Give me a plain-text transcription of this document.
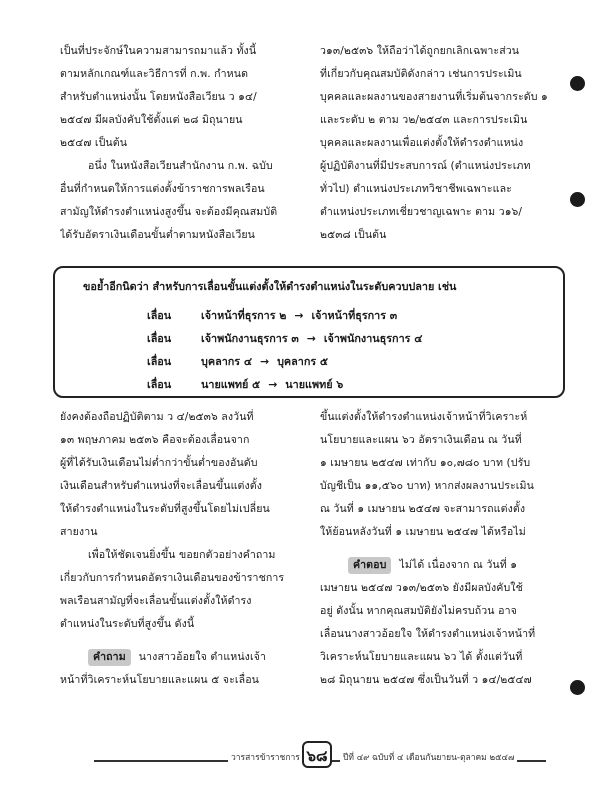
เป็นที่ประจักษ์ในความสามารถมาแล้ว ทั้งนี้
ตามหลักเกณฑ์และวิธีการที่ ก.พ. กำหนด
สำหรับตำแหน่งนั้น โดยหนังสือเวียน ว ๑๔/
๒๕๔๗ มีผลบังคับใช้ตั้งแต่ ๒๘ มิถุนายน
๒๕๔๗ เป็นต้น
อนึ่ง ในหนังสือเวียนสำนักงาน ก.พ. ฉบับ
อื่นที่กำหนดให้การแต่งตั้งข้าราชการพลเรือน
สามัญให้ดำรงตำแหน่งสูงขึ้น จะต้องมีคุณสมบัติ
ได้รับอัตราเงินเดือนขั้นต่ำตามหนังสือเวียน
ว๑๓/๒๕๓๖ ให้ถือว่าได้ถูกยกเลิกเฉพาะส่วน
ที่เกี่ยวกับคุณสมบัติดังกล่าว เช่นการประเมิน
บุคคลและผลงานของสายงานที่เริ่มต้นจากระดับ ๑
และระดับ ๒ ตาม ว๒/๒๕๔๓ และการประเมิน
บุคคลและผลงานเพื่อแต่งตั้งให้ดำรงตำแหน่ง
ผู้ปฏิบัติงานที่มีประสบการณ์ (ตำแหน่งประเภท
ทั่วไป) ตำแหน่งประเภทวิชาชีพเฉพาะและ
ตำแหน่งประเภทเชี่ยวชาญเฉพาะ ตาม ว๑๖/
๒๕๓๘ เป็นต้น
ขอย้ำอีกนิดว่า สำหรับการเลื่อนขั้นแต่งตั้งให้ดำรงตำแหน่งในระดับควบปลาย เช่น
เลื่อน	เจ้าหน้าที่ธุรการ ๒ → เจ้าหน้าที่ธุรการ ๓
เลื่อน	เจ้าพนักงานธุรการ ๓ → เจ้าพนักงานธุรการ ๔
เลื่อน	บุคลากร ๔ → บุคลากร ๕
เลื่อน	นายแพทย์ ๕ → นายแพทย์ ๖
ยังคงต้องถือปฏิบัติตาม ว ๔/๒๕๓๖ ลงวันที่
๑๓ พฤษภาคม ๒๕๓๖ คือจะต้องเลื่อนจาก
ผู้ที่ได้รับเงินเดือนไม่ต่ำกว่าขั้นต่ำของอันดับ
เงินเดือนสำหรับตำแหน่งที่จะเลื่อนขึ้นแต่งตั้ง
ให้ดำรงตำแหน่งในระดับที่สูงขึ้นโดยไม่เปลี่ยน
สายงาน
เพื่อให้ชัดเจนยิ่งขึ้น ขอยกตัวอย่างคำถาม
เกี่ยวกับการกำหนดอัตราเงินเดือนของข้าราชการ
พลเรือนสามัญที่จะเลื่อนขั้นแต่งตั้งให้ดำรง
ตำแหน่งในระดับที่สูงขึ้น ดังนี้
คำถาม นางสาวอ้อยใจ ตำแหน่งเจ้า
หน้าที่วิเคราะห์นโยบายและแผน ๕ จะเลื่อน
ขึ้นแต่งตั้งให้ดำรงตำแหน่งเจ้าหน้าที่วิเคราะห์
นโยบายและแผน ๖ว อัตราเงินเดือน ณ วันที่
๑ เมษายน ๒๕๔๗ เท่ากับ ๑๐,๗๘๐ บาท (ปรับ
บัญชีเป็น ๑๑,๕๖๐ บาท) หากส่งผลงานประเมิน
ณ วันที่ ๑ เมษายน ๒๕๔๗ จะสามารถแต่งตั้ง
ให้ย้อนหลังวันที่ ๑ เมษายน ๒๕๔๗ ได้หรือไม่
คำตอบ ไม่ได้ เนื่องจาก ณ วันที่ ๑
เมษายน ๒๕๔๗ ว๑๓/๒๕๓๖ ยังมีผลบังคับใช้
อยู่ ดังนั้น หากคุณสมบัติยังไม่ครบถ้วน อาจ
เลื่อนนางสาวอ้อยใจ ให้ดำรงตำแหน่งเจ้าหน้าที่
วิเคราะห์นโยบายและแผน ๖ว ได้ ตั้งแต่วันที่
๒๘ มิถุนายน ๒๕๔๗ ซึ่งเป็นวันที่ ว ๑๔/๒๕๔๗
วารสารข้าราชการ ๖๘	ปีที่ ๔๙ ฉบับที่ ๔ เดือนกันยายน-ตุลาคม ๒๕๔๗
